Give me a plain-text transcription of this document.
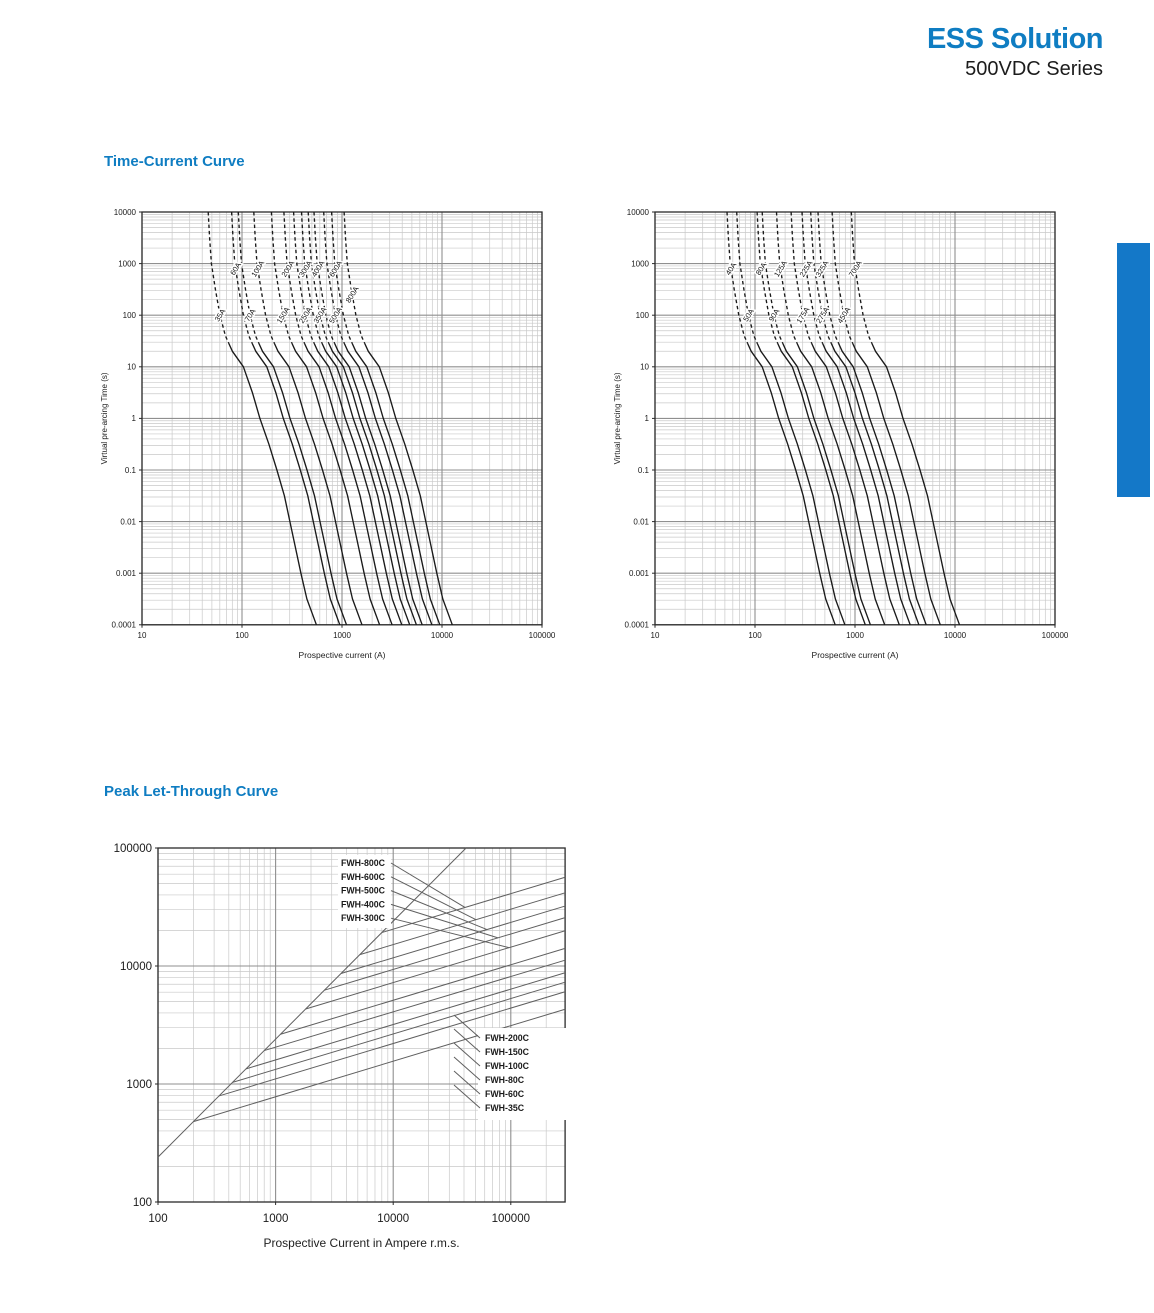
ESS Solution
500VDC Series
Time-Current Curve
10	100	1000	10000	100000
10000
1000
100
10
1
0.1
0.01
0.001
0.0001
Prospective current (A)
Virtual pre-arcing Time (s)
35A
60A
70A
100A
150A
200A
250A
300A
350A
400A
500A
600A
800A
10	100	1000	10000	100000
10000
1000
100
10
1
0.1
0.01
0.001
0.0001
Prospective current (A)
Virtual pre-arcing Time (s)
40A
50A
80A
90A
125A
175A
225A
275A
325A
450A
700A
Peak Let-Through Curve
100	1000	10000	100000
100000
10000
1000
100
Prospective Current in Ampere r.m.s.
FWH-800C
FWH-600C
FWH-500C
FWH-400C
FWH-300C
FWH-200C
FWH-150C
FWH-100C
FWH-80C
FWH-60C
FWH-35C
